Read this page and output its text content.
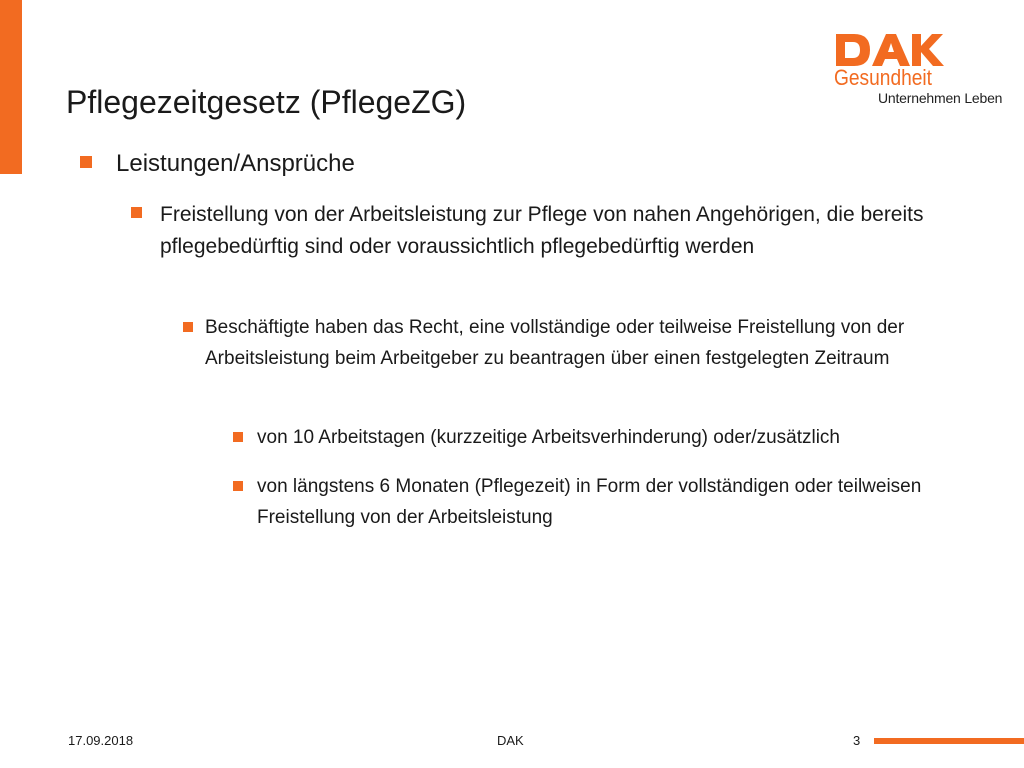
Pflegezeitgesetz (PflegeZG)
Gesundheit
Unternehmen Leben

Leistungen/Ansprüche

Freistellung von der Arbeitsleistung zur Pflege von nahen Angehörigen, die bereits pflegebedürftig sind oder voraussichtlich pflegebedürftig werden

Beschäftigte haben das Recht, eine vollständige oder teilweise Freistellung von der Arbeitsleistung beim Arbeitgeber zu beantragen über einen festgelegten Zeitraum

von 10 Arbeitstagen (kurzzeitige Arbeitsverhinderung) oder/zusätzlich

von längstens 6 Monaten (Pflegezeit) in Form der vollständigen oder teilweisen Freistellung von der Arbeitsleistung

17.09.2018	DAK	3
